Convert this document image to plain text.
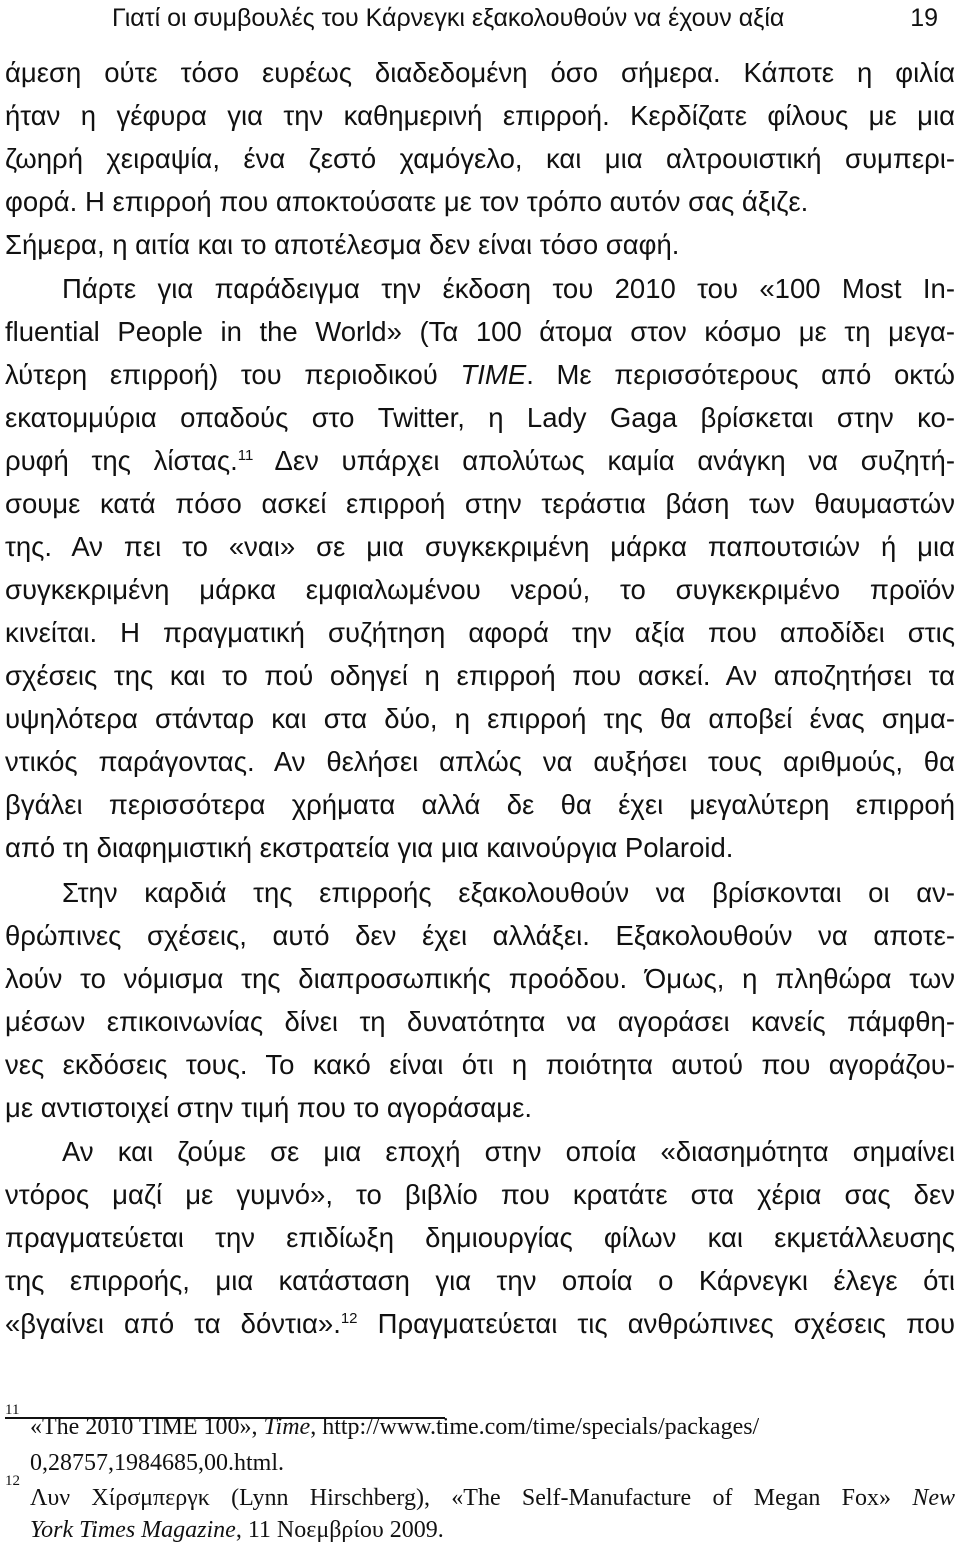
Γιατί οι συμβουλές του Κάρνεγκι εξακολουθούν να έχουν αξία	19
άμεση ούτε τόσο ευρέως διαδεδομένη όσο σήμερα. Κάποτε η φιλία
ήταν η γέφυρα για την καθημερινή επιρροή. Κερδίζατε φίλους με μια
ζωηρή χειραψία, ένα ζεστό χαμόγελο, και μια αλτρουιστική συμπερι-
φορά. Η επιρροή που αποκτούσατε με τον τρόπο αυτόν σας άξιζε.
Σήμερα, η αιτία και το αποτέλεσμα δεν είναι τόσο σαφή.
Πάρτε για παράδειγμα την έκδοση του 2010 του «100 Most In-
fluential People in the World» (Τα 100 άτομα στον κόσμο με τη μεγα-
λύτερη επιρροή) του περιοδικού TIME. Με περισσότερους από οκτώ
εκατομμύρια οπαδούς στο Twitter, η Lady Gaga βρίσκεται στην κο-
ρυφή της λίστας.$^{11}$ Δεν υπάρχει απολύτως καμία ανάγκη να συζητή-
σουμε κατά πόσο ασκεί επιρροή στην τεράστια βάση των θαυμαστών
της. Αν πει το «ναι» σε μια συγκεκριμένη μάρκα παπουτσιών ή μια
συγκεκριμένη μάρκα εμφιαλωμένου νερού, το συγκεκριμένο προϊόν
κινείται. Η πραγματική συζήτηση αφορά την αξία που αποδίδει στις
σχέσεις της και το πού οδηγεί η επιρροή που ασκεί. Αν αποζητήσει τα
υψηλότερα στάνταρ και στα δύο, η επιρροή της θα αποβεί ένας σημα-
ντικός παράγοντας. Αν θελήσει απλώς να αυξήσει τους αριθμούς, θα
βγάλει περισσότερα χρήματα αλλά δε θα έχει μεγαλύτερη επιρροή
από τη διαφημιστική εκστρατεία για μια καινούργια Polaroid.
Στην καρδιά της επιρροής εξακολουθούν να βρίσκονται οι αν-
θρώπινες σχέσεις, αυτό δεν έχει αλλάξει. Εξακολουθούν να αποτε-
λούν το νόμισμα της διαπροσωπικής προόδου. Όμως, η πληθώρα των
μέσων επικοινωνίας δίνει τη δυνατότητα να αγοράσει κανείς πάμφθη-
νες εκδόσεις τους. Το κακό είναι ότι η ποιότητα αυτού που αγοράζου-
με αντιστοιχεί στην τιμή που το αγοράσαμε.
Αν και ζούμε σε μια εποχή στην οποία «διασημότητα σημαίνει
ντόρος μαζί με γυμνό», το βιβλίο που κρατάτε στα χέρια σας δεν
πραγματεύεται την επιδίωξη δημιουργίας φίλων και εκμετάλλευσης
της επιρροής, μια κατάσταση για την οποία ο Κάρνεγκι έλεγε ότι
«βγαίνει από τα δόντια».$^{12}$ Πραγματεύεται τις ανθρώπινες σχέσεις που
11
«The 2010 TIME 100», Time, http://www.time.com/time/specials/packages/
0,28757,1984685,00.html.
12
Λυν Χίρσμπεργκ (Lynn Hirschberg), «The Self-Manufacture of Megan Fox» New
York Times Magazine, 11 Νοεμβρίου 2009.
